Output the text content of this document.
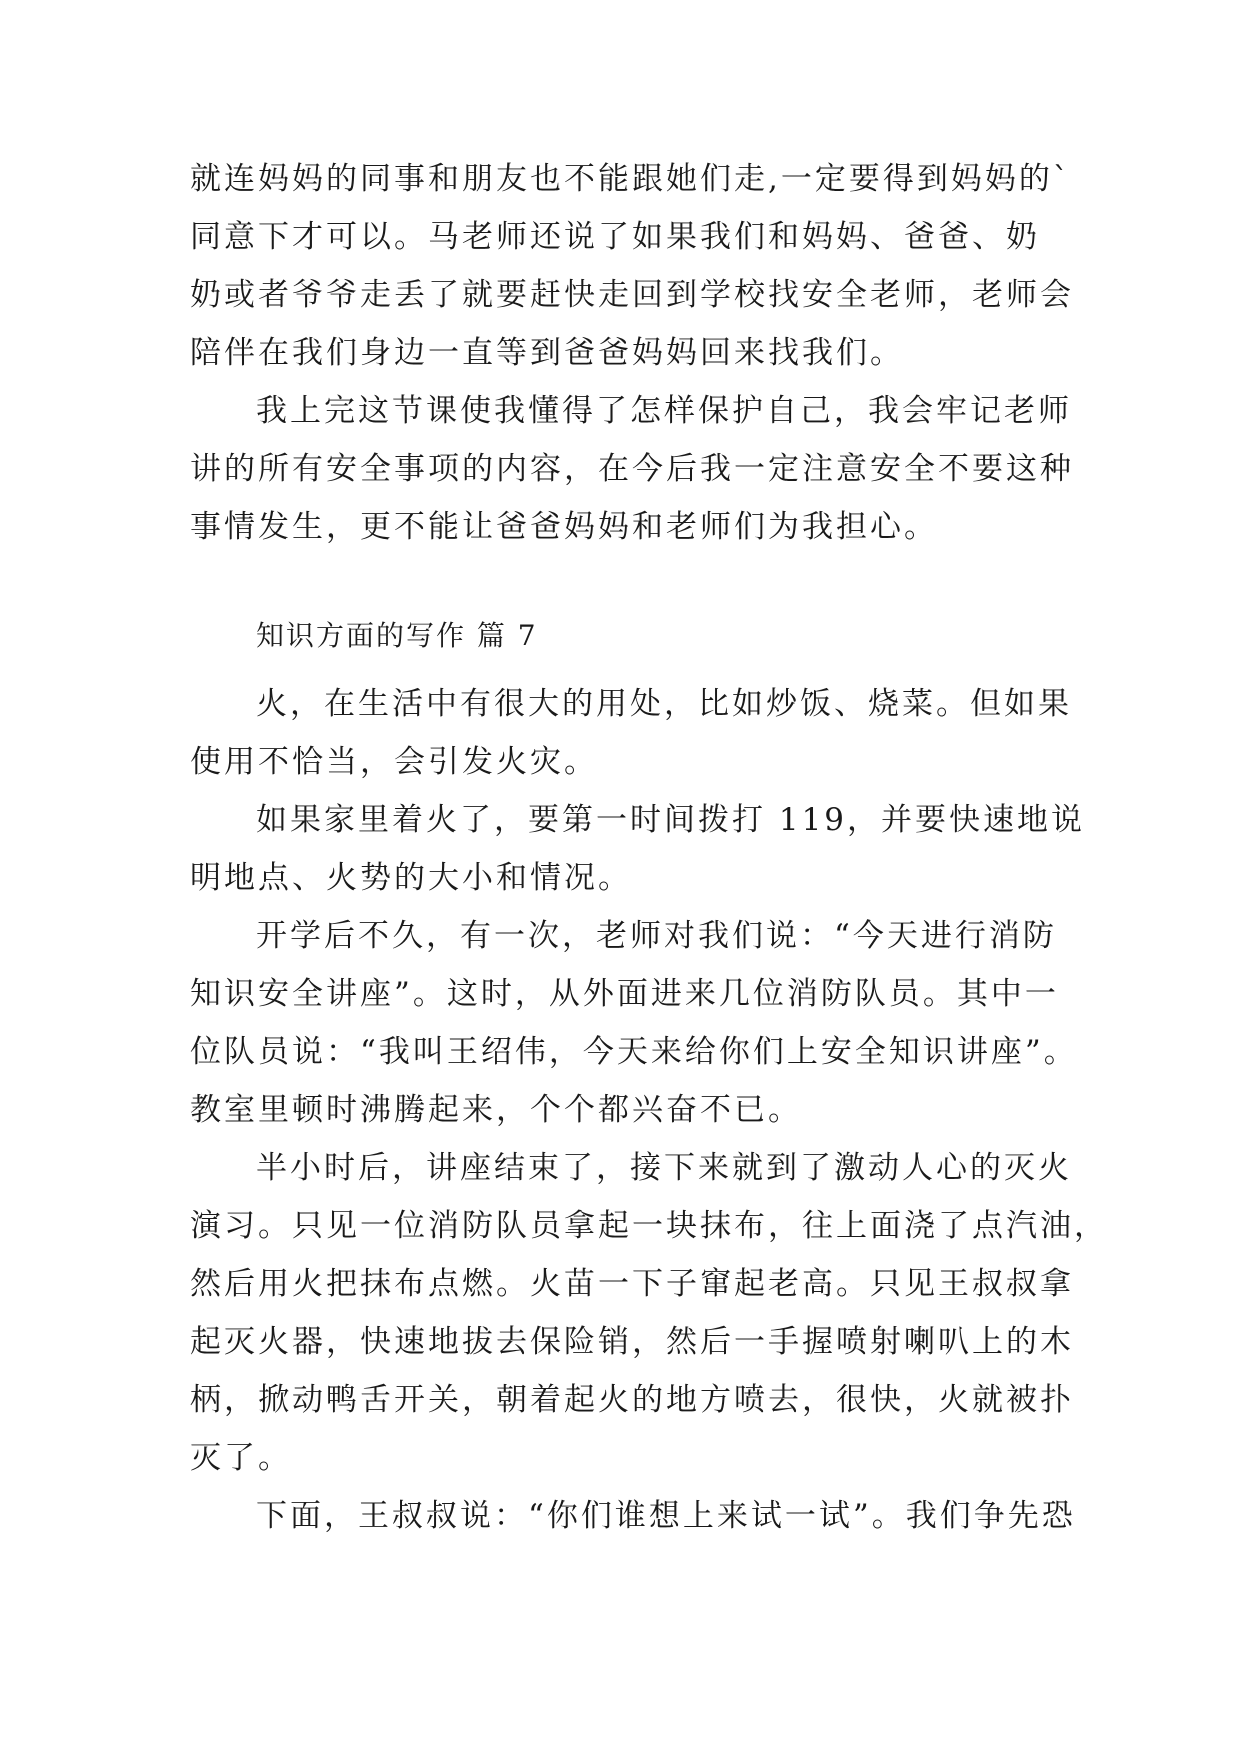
就连妈妈的同事和朋友也不能跟她们走,一定要得到妈妈的`
同意下才可以。马老师还说了如果我们和妈妈、爸爸、奶
奶或者爷爷走丢了就要赶快走回到学校找安全老师，老师会
陪伴在我们身边一直等到爸爸妈妈回来找我们。
我上完这节课使我懂得了怎样保护自己，我会牢记老师
讲的所有安全事项的内容，在今后我一定注意安全不要这种
事情发生，更不能让爸爸妈妈和老师们为我担心。
知识方面的写作 篇 7
火，在生活中有很大的用处，比如炒饭、烧菜。但如果
使用不恰当，会引发火灾。
如果家里着火了，要第一时间拨打 119，并要快速地说
明地点、火势的大小和情况。
开学后不久，有一次，老师对我们说：“今天进行消防
知识安全讲座”。这时，从外面进来几位消防队员。其中一
位队员说：“我叫王绍伟，今天来给你们上安全知识讲座”。
教室里顿时沸腾起来，个个都兴奋不已。
半小时后，讲座结束了，接下来就到了激动人心的灭火
演习。只见一位消防队员拿起一块抹布，往上面浇了点汽油，
然后用火把抹布点燃。火苗一下子窜起老高。只见王叔叔拿
起灭火器，快速地拔去保险销，然后一手握喷射喇叭上的木
柄，掀动鸭舌开关，朝着起火的地方喷去，很快，火就被扑
灭了。
下面，王叔叔说：“你们谁想上来试一试”。我们争先恐
